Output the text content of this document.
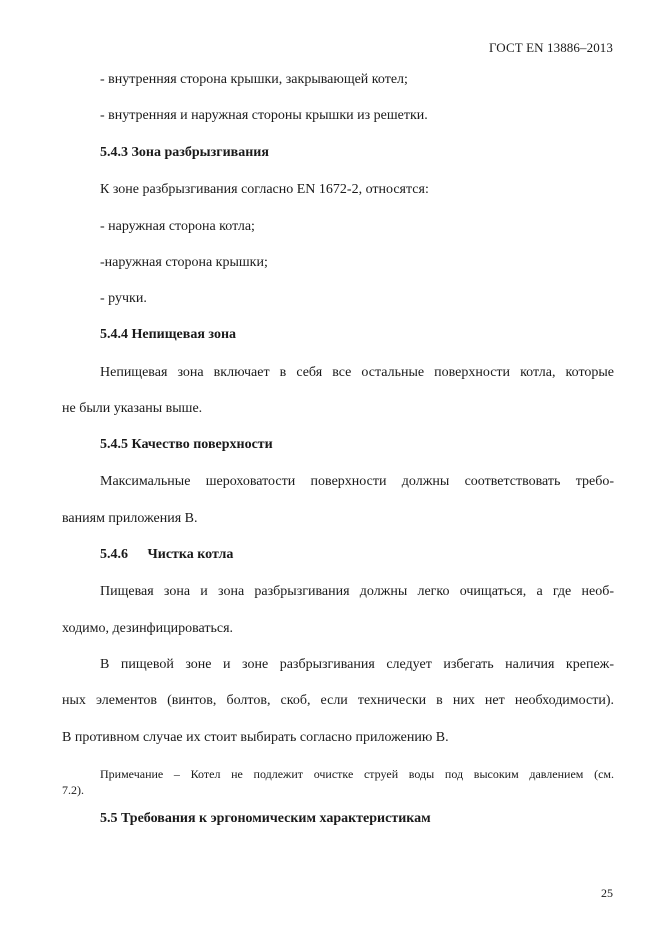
ГОСТ EN 13886–2013
- внутренняя сторона крышки, закрывающей котел;
- внутренняя и наружная стороны крышки из решетки.
5.4.3 Зона разбрызгивания
К зоне разбрызгивания согласно EN 1672-2, относятся:
- наружная сторона котла;
-наружная сторона крышки;
- ручки.
5.4.4 Непищевая зона
Непищевая зона включает в себя все остальные поверхности котла, которые
не были указаны выше.
5.4.5 Качество поверхности
Максимальные шероховатости поверхности должны соответствовать требо-
ваниям приложения В.
5.4.6 Чистка котла
Пищевая зона и зона разбрызгивания должны легко очищаться, а где необ-
ходимо, дезинфицироваться.
В пищевой зоне и зоне разбрызгивания следует избегать наличия крепеж-
ных элементов (винтов, болтов, скоб, если технически в них нет необходимости).
В противном случае их стоит выбирать согласно приложению В.
Примечание – Котел не подлежит очистке струей воды под высоким давлением (см.
7.2).
5.5 Требования к эргономическим характеристикам
25
